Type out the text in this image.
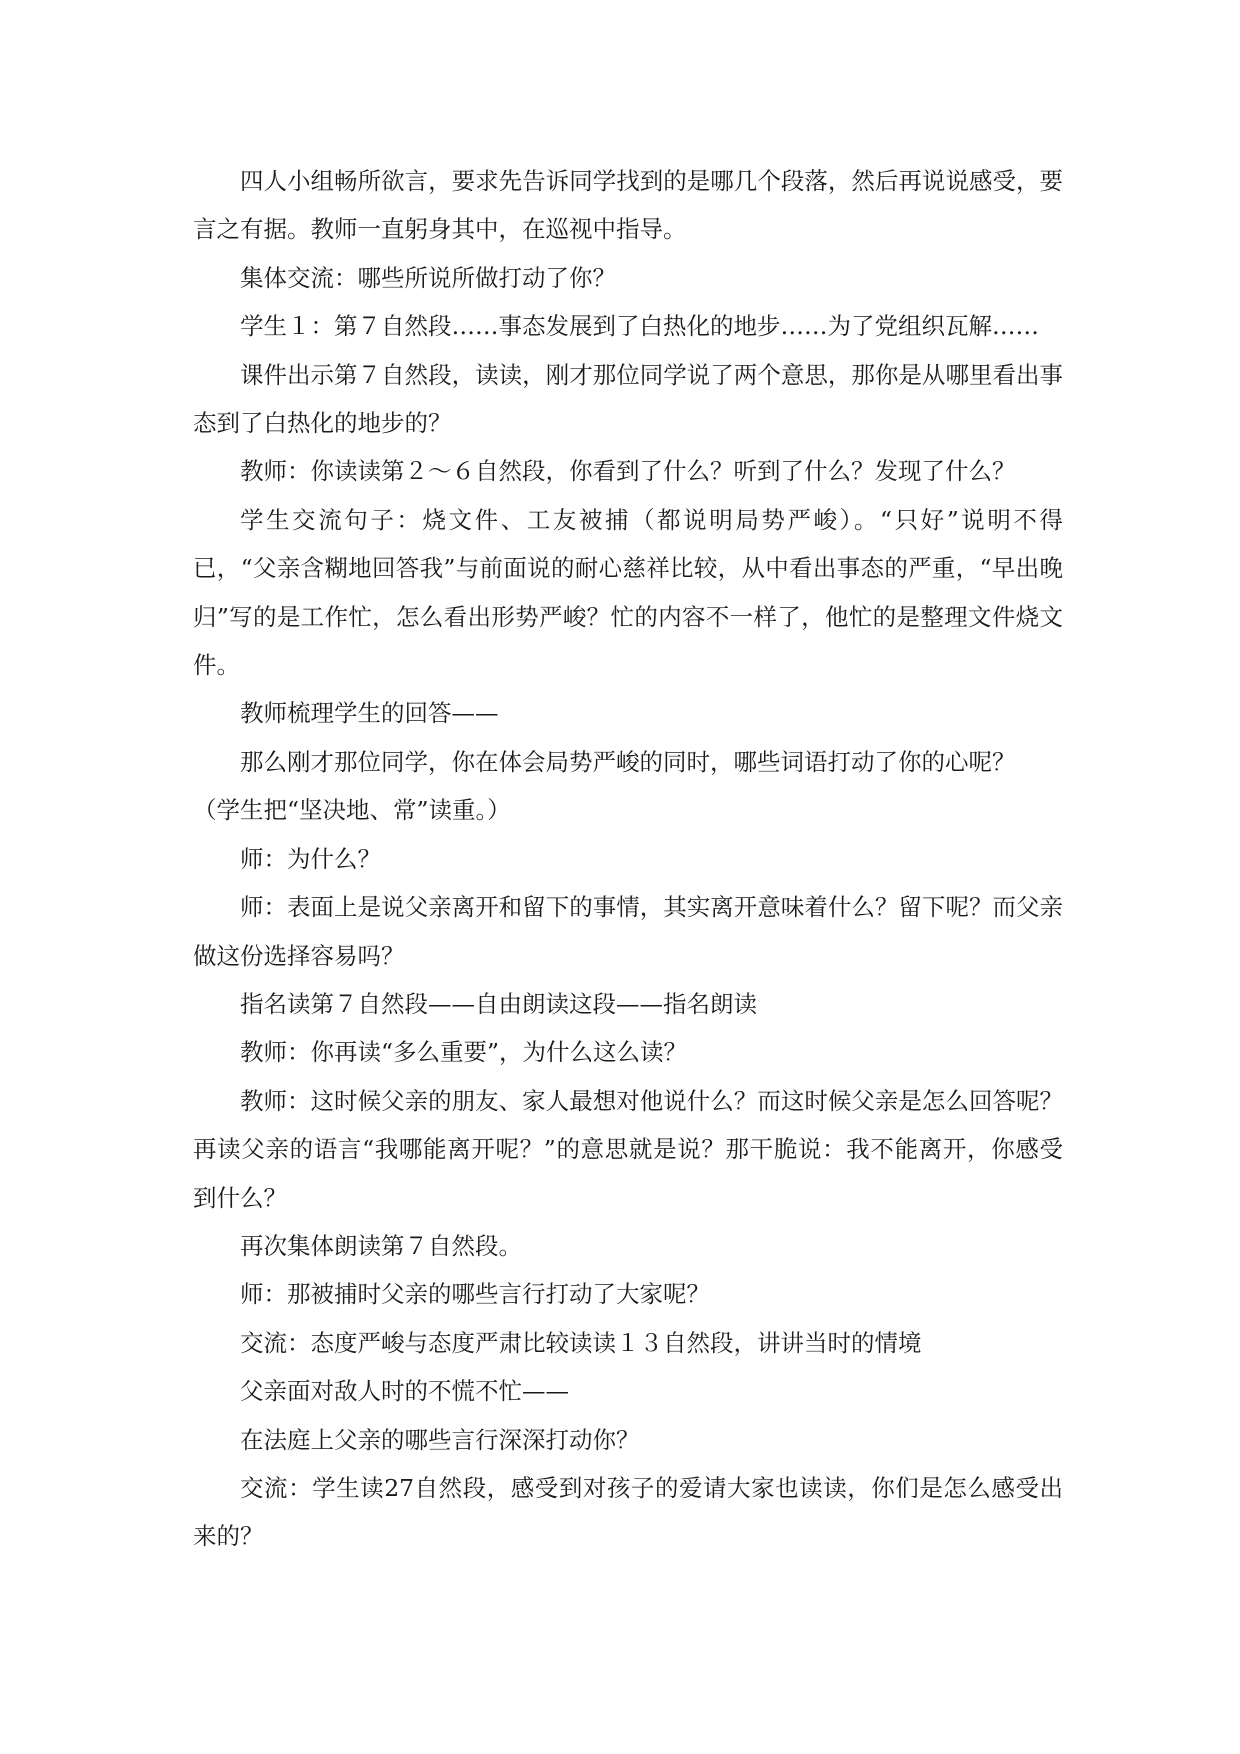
四人小组畅所欲言，要求先告诉同学找到的是哪几个段落，然后再说说感受，要言之有据。教师一直躬身其中，在巡视中指导。

集体交流：哪些所说所做打动了你？

学生１：第７自然段……事态发展到了白热化的地步……为了党组织瓦解……

课件出示第７自然段，读读，刚才那位同学说了两个意思，那你是从哪里看出事态到了白热化的地步的？

教师：你读读第２～６自然段，你看到了什么？听到了什么？发现了什么？

学生交流句子：烧文件、工友被捕（都说明局势严峻）。“只好”说明不得已，“父亲含糊地回答我”与前面说的耐心慈祥比较，从中看出事态的严重，“早出晚归”写的是工作忙，怎么看出形势严峻？忙的内容不一样了，他忙的是整理文件烧文件。

教师梳理学生的回答——

那么刚才那位同学，你在体会局势严峻的同时，哪些词语打动了你的心呢？

（学生把“坚决地、常”读重。）

师：为什么？

师：表面上是说父亲离开和留下的事情，其实离开意味着什么？留下呢？而父亲做这份选择容易吗？

指名读第７自然段——自由朗读这段——指名朗读

教师：你再读“多么重要”，为什么这么读？

教师：这时候父亲的朋友、家人最想对他说什么？而这时候父亲是怎么回答呢？再读父亲的语言“我哪能离开呢？”的意思就是说？那干脆说：我不能离开，你感受到什么？

再次集体朗读第７自然段。

师：那被捕时父亲的哪些言行打动了大家呢？

交流：态度严峻与态度严肃比较读读１３自然段，讲讲当时的情境

父亲面对敌人时的不慌不忙——

在法庭上父亲的哪些言行深深打动你？

交流：学生读27自然段，感受到对孩子的爱请大家也读读，你们是怎么感受出来的？
